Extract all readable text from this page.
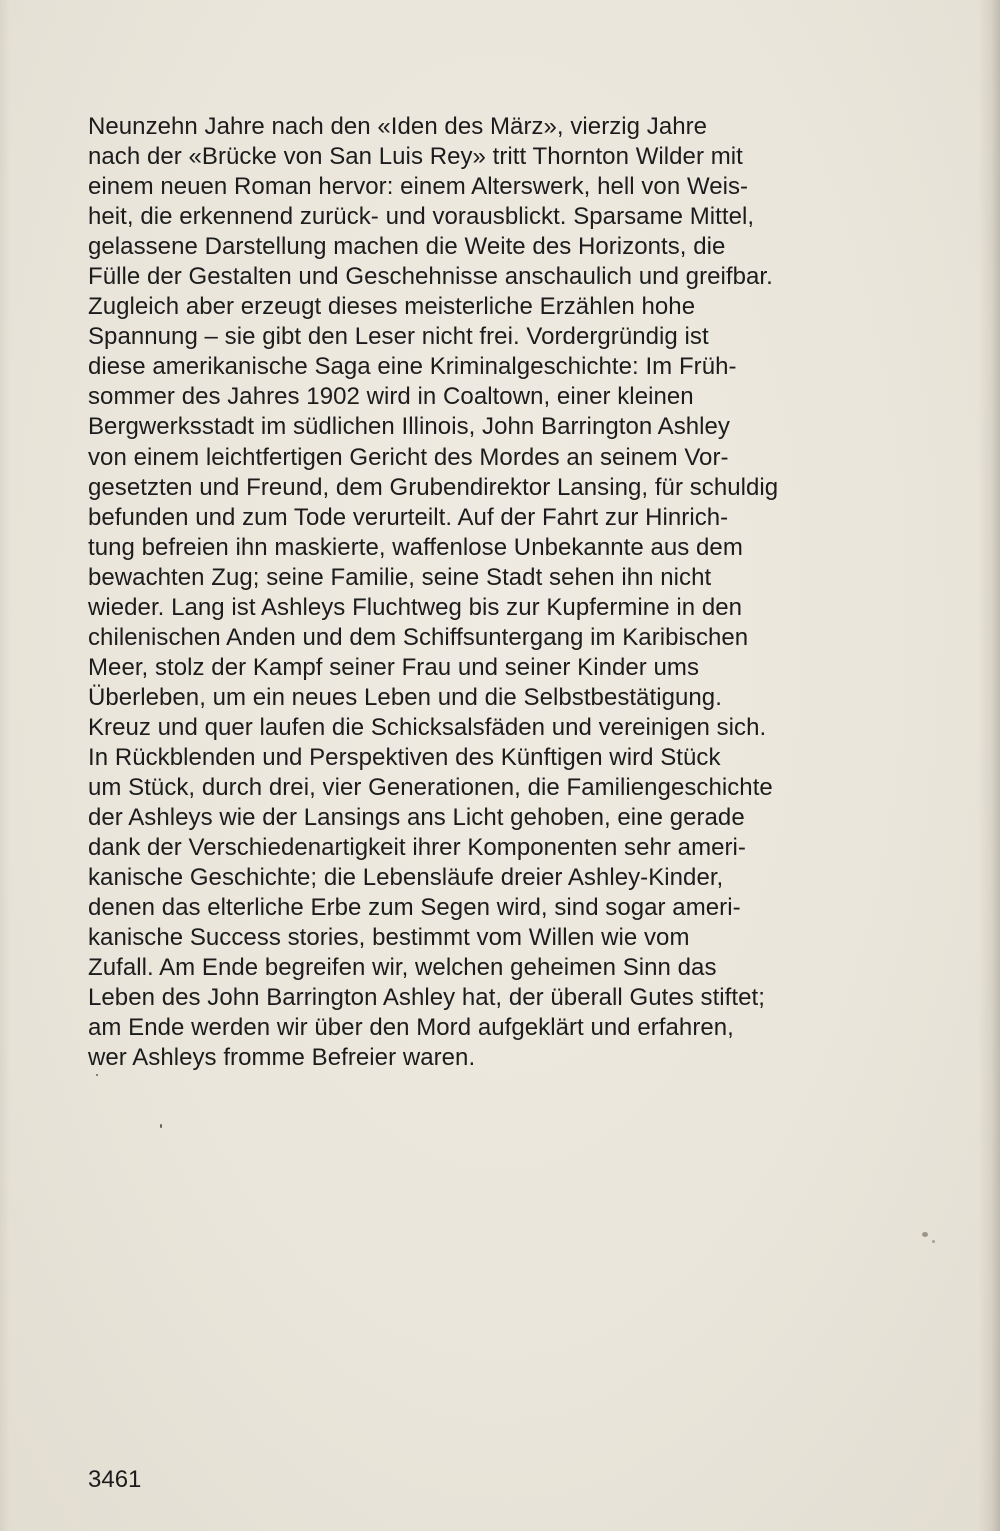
Neunzehn Jahre nach den «Iden des März», vierzig Jahre
nach der «Brücke von San Luis Rey» tritt Thornton Wilder mit
einem neuen Roman hervor: einem Alterswerk, hell von Weis-
heit, die erkennend zurück- und vorausblickt. Sparsame Mittel,
gelassene Darstellung machen die Weite des Horizonts, die
Fülle der Gestalten und Geschehnisse anschaulich und greifbar.
Zugleich aber erzeugt dieses meisterliche Erzählen hohe
Spannung – sie gibt den Leser nicht frei. Vordergründig ist
diese amerikanische Saga eine Kriminalgeschichte: Im Früh-
sommer des Jahres 1902 wird in Coaltown, einer kleinen
Bergwerksstadt im südlichen Illinois, John Barrington Ashley
von einem leichtfertigen Gericht des Mordes an seinem Vor-
gesetzten und Freund, dem Grubendirektor Lansing, für schuldig
befunden und zum Tode verurteilt. Auf der Fahrt zur Hinrich-
tung befreien ihn maskierte, waffenlose Unbekannte aus dem
bewachten Zug; seine Familie, seine Stadt sehen ihn nicht
wieder. Lang ist Ashleys Fluchtweg bis zur Kupfermine in den
chilenischen Anden und dem Schiffsuntergang im Karibischen
Meer, stolz der Kampf seiner Frau und seiner Kinder ums
Überleben, um ein neues Leben und die Selbstbestätigung.
Kreuz und quer laufen die Schicksalsfäden und vereinigen sich.
In Rückblenden und Perspektiven des Künftigen wird Stück
um Stück, durch drei, vier Generationen, die Familiengeschichte
der Ashleys wie der Lansings ans Licht gehoben, eine gerade
dank der Verschiedenartigkeit ihrer Komponenten sehr ameri-
kanische Geschichte; die Lebensläufe dreier Ashley-Kinder,
denen das elterliche Erbe zum Segen wird, sind sogar ameri-
kanische Success stories, bestimmt vom Willen wie vom
Zufall. Am Ende begreifen wir, welchen geheimen Sinn das
Leben des John Barrington Ashley hat, der überall Gutes stiftet;
am Ende werden wir über den Mord aufgeklärt und erfahren,
wer Ashleys fromme Befreier waren.

3461
